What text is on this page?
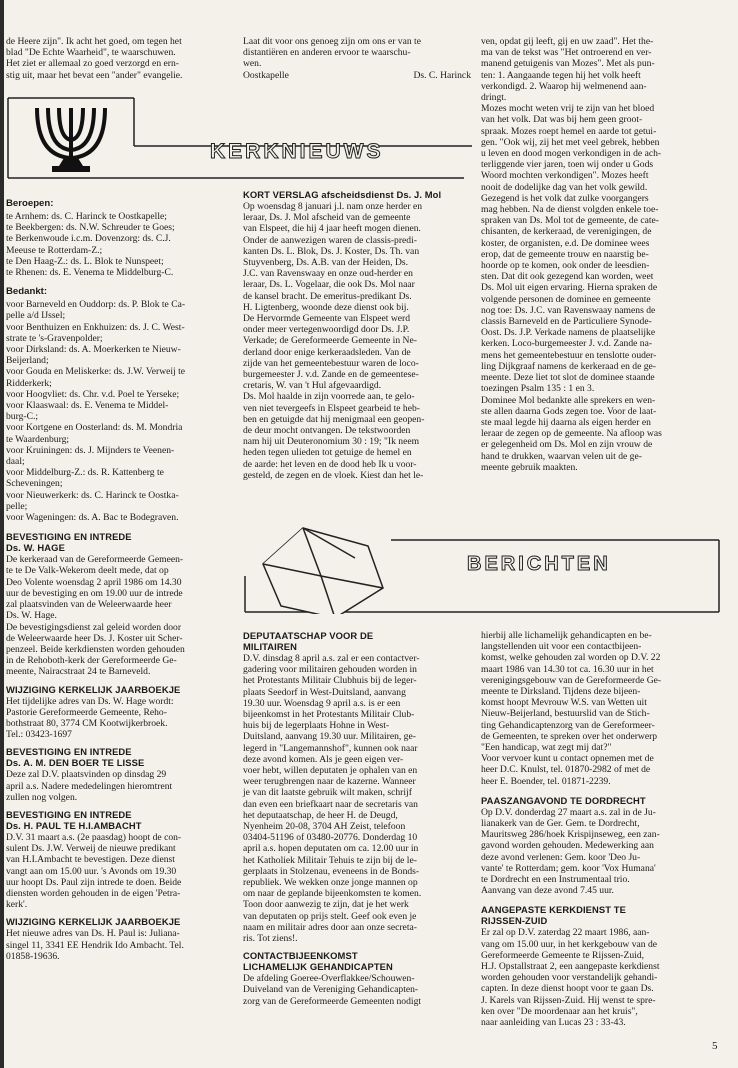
de Heere zijn". Ik acht het goed, om tegen het
blad "De Echte Waarheid", te waarschuwen.
Het ziet er allemaal zo goed verzorgd en ern-
stig uit, maar het bevat een "ander" evangelie.

Laat dit voor ons genoeg zijn om ons er van te
distantiëren en anderen ervoor te waarschu-
wen.

Oostkapelle	Ds. C. Harinck

ven, opdat gij leeft, gij en uw zaad". Het the-
ma van de tekst was "Het ontroerend en ver-
manend getuigenis van Mozes". Met als pun-
ten: 1. Aangaande tegen hij het volk heeft
verkondigd. 2. Waarop hij welmenend aan-
dringt.
Mozes mocht weten vrij te zijn van het bloed
van het volk. Dat was bij hem geen groot-
spraak. Mozes roept hemel en aarde tot getui-
gen. "Ook wij, zij het met veel gebrek, hebben
u leven en dood mogen verkondigen in de ach-
terliggende vier jaren, toen wij onder u Gods
Woord mochten verkondigen". Mozes heeft
nooit de dodelijke dag van het volk gewild.
Gezegend is het volk dat zulke voorgangers
mag hebben. Na de dienst volgden enkele toe-
spraken van Ds. Mol tot de gemeente, de cate-
chisanten, de kerkeraad, de verenigingen, de
koster, de organisten, e.d. De dominee wees
erop, dat de gemeente trouw en naarstig be-
hoorde op te komen, ook onder de leesdien-
sten. Dat dit ook gezegend kan worden, weet
Ds. Mol uit eigen ervaring. Hierna spraken de
volgende personen de dominee en gemeente
nog toe: Ds. J.C. van Ravenswaay namens de
classis Barneveld en de Particuliere Synode-
Oost. Ds. J.P. Verkade namens de plaatselijke
kerken. Loco-burgemeester J. v.d. Zande na-
mens het gemeentebestuur en tenslotte ouder-
ling Dijkgraaf namens de kerkeraad en de ge-
meente. Deze liet tot slot de dominee staande
toezingen Psalm 135 : 1 en 3.
Dominee Mol bedankte alle sprekers en wen-
ste allen daarna Gods zegen toe. Voor de laat-
ste maal legde hij daarna als eigen herder en
leraar de zegen op de gemeente. Na afloop was
er gelegenheid om Ds. Mol en zijn vrouw de
hand te drukken, waarvan velen uit de ge-
meente gebruik maakten.

KERKNIEUWS
Beroepen:

te Arnhem: ds. C. Harinck te Oostkapelle;
te Beekbergen: ds. N.W. Schreuder te Goes;
te Berkenwoude i.c.m. Dovenzorg: ds. C.J.
Meeuse te Rotterdam-Z.;
te Den Haag-Z.: ds. L. Blok te Nunspeet;
te Rhenen: ds. E. Venema te Middelburg-C.

Bedankt:

voor Barneveld en Ouddorp: ds. P. Blok te Ca-
pelle a/d IJssel;
voor Benthuizen en Enkhuizen: ds. J. C. West-
strate te 's-Gravenpolder;
voor Dirksland: ds. A. Moerkerken te Nieuw-
Beijerland;
voor Gouda en Meliskerke: ds. J.W. Verweij te
Ridderkerk;
voor Hoogvliet: ds. Chr. v.d. Poel te Yerseke;
voor Klaaswaal: ds. E. Venema te Middel-
burg-C.;
voor Kortgene en Oosterland: ds. M. Mondria
te Waardenburg;
voor Kruiningen: ds. J. Mijnders te Veenen-
daal;
voor Middelburg-Z.: ds. R. Kattenberg te
Scheveningen;
voor Nieuwerkerk: ds. C. Harinck te Oostka-
pelle;
voor Wageningen: ds. A. Bac te Bodegraven.

BEVESTIGING EN INTREDE
Ds. W. HAGE

De kerkeraad van de Gereformeerde Gemeen-
te te De Valk-Wekerom deelt mede, dat op
Deo Volente woensdag 2 april 1986 om 14.30
uur de bevestiging en om 19.00 uur de intrede
zal plaatsvinden van de Weleerwaarde heer
Ds. W. Hage.
De bevestigingsdienst zal geleid worden door
de Weleerwaarde heer Ds. J. Koster uit Scher-
penzeel. Beide kerkdiensten worden gehouden
in de Rehoboth-kerk der Gereformeerde Ge-
meente, Nairacstraat 24 te Barneveld.

WIJZIGING KERKELIJK JAARBOEKJE

Het tijdelijke adres van Ds. W. Hage wordt:
Pastorie Gereformeerde Gemeente, Reho-
bothstraat 80, 3774 CM Kootwijkerbroek.
Tel.: 03423-1697

BEVESTIGING EN INTREDE
Ds. A. M. DEN BOER TE LISSE

Deze zal D.V. plaatsvinden op dinsdag 29
april a.s. Nadere mededelingen hieromtrent
zullen nog volgen.

BEVESTIGING EN INTREDE
Ds. H. PAUL TE H.I.AMBACHT

D.V. 31 maart a.s. (2e paasdag) hoopt de con-
sulent Ds. J.W. Verweij de nieuwe predikant
van H.I.Ambacht te bevestigen. Deze dienst
vangt aan om 15.00 uur. 's Avonds om 19.30
uur hoopt Ds. Paul zijn intrede te doen. Beide
diensten worden gehouden in de eigen 'Petra-
kerk'.

WIJZIGING KERKELIJK JAARBOEKJE

Het nieuwe adres van Ds. H. Paul is: Juliana-
singel 11, 3341 EE Hendrik Ido Ambacht. Tel.
01858-19636.

KORT VERSLAG afscheidsdienst Ds. J. Mol

Op woensdag 8 januari j.l. nam onze herder en
leraar, Ds. J. Mol afscheid van de gemeente
van Elspeet, die hij 4 jaar heeft mogen dienen.
Onder de aanwezigen waren de classis-predi-
kanten Ds. L. Blok, Ds. J. Koster, Ds. Th. van
Stuyvenberg, Ds. A.B. van der Heiden, Ds.
J.C. van Ravenswaay en onze oud-herder en
leraar, Ds. L. Vogelaar, die ook Ds. Mol naar
de kansel bracht. De emeritus-predikant Ds.
H. Ligtenberg, woonde deze dienst ook bij.
De Hervormde Gemeente van Elspeet werd
onder meer vertegenwoordigd door Ds. J.P.
Verkade; de Gereformeerde Gemeente in Ne-
derland door enige kerkeraadsleden. Van de
zijde van het gemeentebestuur waren de loco-
burgemeester J. v.d. Zande en de gemeentese-
cretaris, W. van 't Hul afgevaardigd.
Ds. Mol haalde in zijn voorrede aan, te gelo-
ven niet tevergeefs in Elspeet gearbeid te heb-
ben en getuigde dat hij menigmaal een geopen-
de deur mocht ontvangen. De tekstwoorden
nam hij uit Deuteronomium 30 : 19; "Ik neem
heden tegen ulieden tot getuige de hemel en
de aarde: het leven en de dood heb Ik u voor-
gesteld, de zegen en de vloek. Kiest dan het le-

BERICHTEN
DEPUTAATSCHAP VOOR DE
MILITAIREN

D.V. dinsdag 8 april a.s. zal er een contactver-
gadering voor militairen gehouden worden in
het Protestants Militair Clubhuis bij de leger-
plaats Seedorf in West-Duitsland, aanvang
19.30 uur. Woensdag 9 april a.s. is er een
bijeenkomst in het Protestants Militair Club-
huis bij de legerplaats Hohne in West-
Duitsland, aanvang 19.30 uur. Militairen, ge-
legerd in "Langemannshof", kunnen ook naar
deze avond komen. Als je geen eigen ver-
voer hebt, willen deputaten je ophalen van en
weer terugbrengen naar de kazerne. Wanneer
je van dit laatste gebruik wilt maken, schrijf
dan even een briefkaart naar de secretaris van
het deputaatschap, de heer H. de Deugd,
Nyenheim 20-08, 3704 AH Zeist, telefoon
03404-51196 of 03480-20776. Donderdag 10
april a.s. hopen deputaten om ca. 12.00 uur in
het Katholiek Militair Tehuis te zijn bij de le-
gerplaats in Stolzenau, eveneens in de Bonds-
republiek. We wekken onze jonge mannen op
om naar de geplande bijeenkomsten te komen.
Toon door aanwezig te zijn, dat je het werk
van deputaten op prijs stelt. Geef ook even je
naam en militair adres door aan onze secreta-
ris. Tot ziens!.

CONTACTBIJEENKOMST
LICHAMELIJK GEHANDICAPTEN

De afdeling Goeree-Overflakkee/Schouwen-
Duiveland van de Vereniging Gehandicapten-
zorg van de Gereformeerde Gemeenten nodigt

hierbij alle lichamelijk gehandicapten en be-
langstellenden uit voor een contactbijeen-
komst, welke gehouden zal worden op D.V. 22
maart 1986 van 14.30 tot ca. 16.30 uur in het
verenigingsgebouw van de Gereformeerde Ge-
meente te Dirksland. Tijdens deze bijeen-
komst hoopt Mevrouw W.S. van Wetten uit
Nieuw-Beijerland, bestuurslid van de Stich-
ting Gehandicaptenzorg van de Gereformeer-
de Gemeenten, te spreken over het onderwerp
"Een handicap, wat zegt mij dat?"
Voor vervoer kunt u contact opnemen met de
heer D.C. Knulst, tel. 01870-2982 of met de
heer E. Boender, tel. 01871-2239.

PAASZANGAVOND TE DORDRECHT

Op D.V. donderdag 27 maart a.s. zal in de Ju-
lianakerk van de Ger. Gem. te Dordrecht,
Mauritsweg 286/hoek Krispijnseweg, een zan-
gavond worden gehouden. Medewerking aan
deze avond verlenen: Gem. koor 'Deo Ju-
vante' te Rotterdam; gem. koor 'Vox Humana'
te Dordrecht en een Instrumentaal trio.
Aanvang van deze avond 7.45 uur.

AANGEPASTE KERKDIENST TE
RIJSSEN-ZUID

Er zal op D.V. zaterdag 22 maart 1986, aan-
vang om 15.00 uur, in het kerkgebouw van de
Gereformeerde Gemeente te Rijssen-Zuid,
H.J. Opstallstraat 2, een aangepaste kerkdienst
worden gehouden voor verstandelijk gehandi-
capten. In deze dienst hoopt voor te gaan Ds.
J. Karels van Rijssen-Zuid. Hij wenst te spre-
ken over "De moordenaar aan het kruis",
naar aanleiding van Lucas 23 : 33-43.

5
